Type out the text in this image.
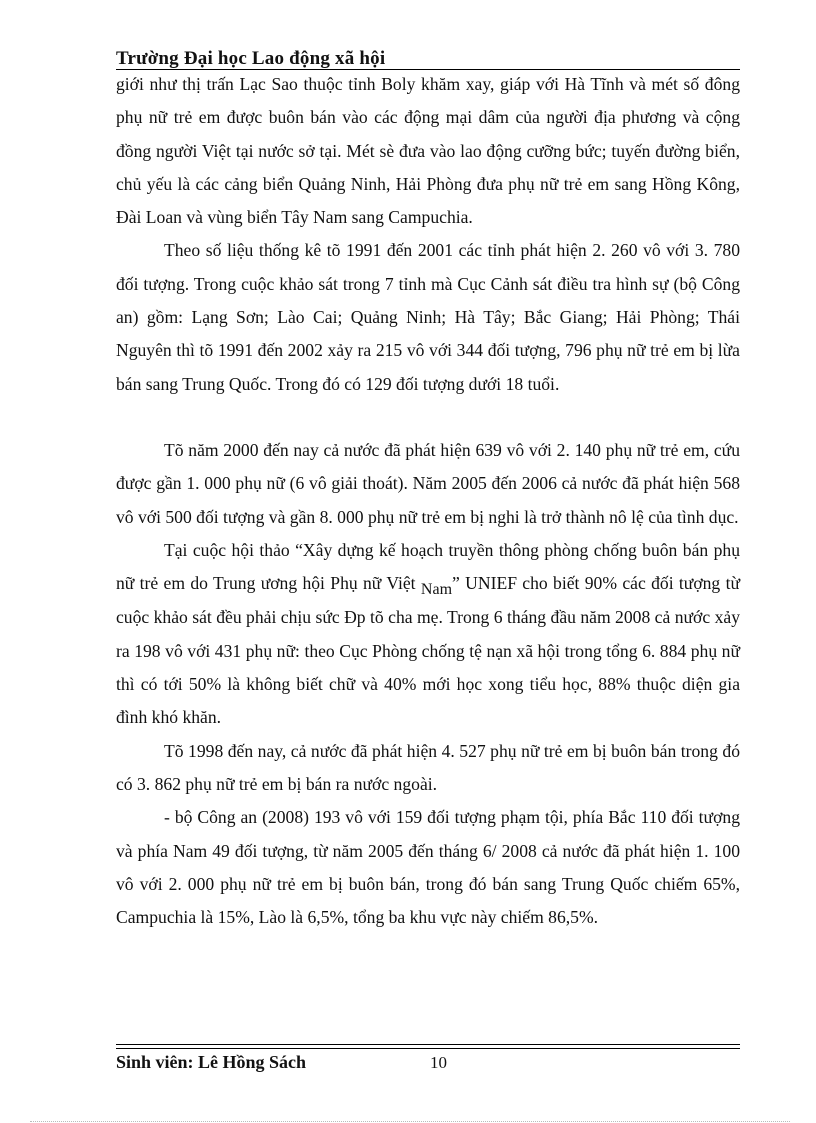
Trường Đại học Lao động xã hội

giới như thị trấn Lạc Sao thuộc tỉnh Boly khăm xay, giáp với Hà Tĩnh và mét số đông phụ nữ trẻ em được buôn bán vào các động mại dâm của người địa phương và cộng đồng người Việt tại nước sở tại. Mét sè đưa vào lao động cưỡng bức; tuyến đường biển, chủ yếu là các cảng biển Quảng Ninh, Hải Phòng đưa phụ nữ trẻ em sang Hồng Kông, Đài Loan và vùng biển Tây Nam sang Campuchia.

Theo số liệu thống kê tõ 1991 đến 2001 các tỉnh phát hiện 2. 260 vô với 3. 780 đối tượng. Trong cuộc khảo sát trong 7 tỉnh mà Cục Cảnh sát điều tra hình sự (bộ Công an) gồm: Lạng Sơn; Lào Cai; Quảng Ninh; Hà Tây; Bắc Giang; Hải Phòng; Thái Nguyên thì tõ 1991 đến 2002 xảy ra 215 vô với 344 đối tượng, 796 phụ nữ trẻ em bị lừa bán sang Trung Quốc. Trong đó có 129 đối tượng dưới 18 tuổi.

Tõ năm 2000 đến nay cả nước đã phát hiện 639 vô với 2. 140 phụ nữ trẻ em, cứu được gần 1. 000 phụ nữ (6 vô giải thoát). Năm 2005 đến 2006 cả nước đã phát hiện 568 vô với 500 đối tượng và gần 8. 000 phụ nữ trẻ em bị nghi là trở thành nô lệ của tình dục.

Tại cuộc hội thảo “Xây dựng kế hoạch truyền thông phòng chống buôn bán phụ nữ trẻ em do Trung ương hội Phụ nữ Việt Nam” UNIEF cho biết 90% các đối tượng từ cuộc khảo sát đều phải chịu sức Ðp tõ cha mẹ. Trong 6 tháng đầu năm 2008 cả nước xảy ra 198 vô với 431 phụ nữ: theo Cục Phòng chống tệ nạn xã hội trong tổng 6. 884 phụ nữ thì có tới 50% là không biết chữ và 40% mới học xong tiểu học, 88% thuộc diện gia đình khó khăn.

Tõ 1998 đến nay, cả nước đã phát hiện 4. 527 phụ nữ trẻ em bị buôn bán trong đó có 3. 862 phụ nữ trẻ em bị bán ra nước ngoài.

- bộ Công an (2008) 193 vô với 159 đối tượng phạm tội, phía Bắc 110 đối tượng và phía Nam 49 đối tượng, từ năm 2005 đến tháng 6/ 2008 cả nước đã phát hiện 1. 100 vô với 2. 000 phụ nữ trẻ em bị buôn bán, trong đó bán sang Trung Quốc chiếm 65%, Campuchia là 15%, Lào là 6,5%, tổng ba khu vực này chiếm 86,5%.

Sinh viên: Lê Hồng Sách	10
